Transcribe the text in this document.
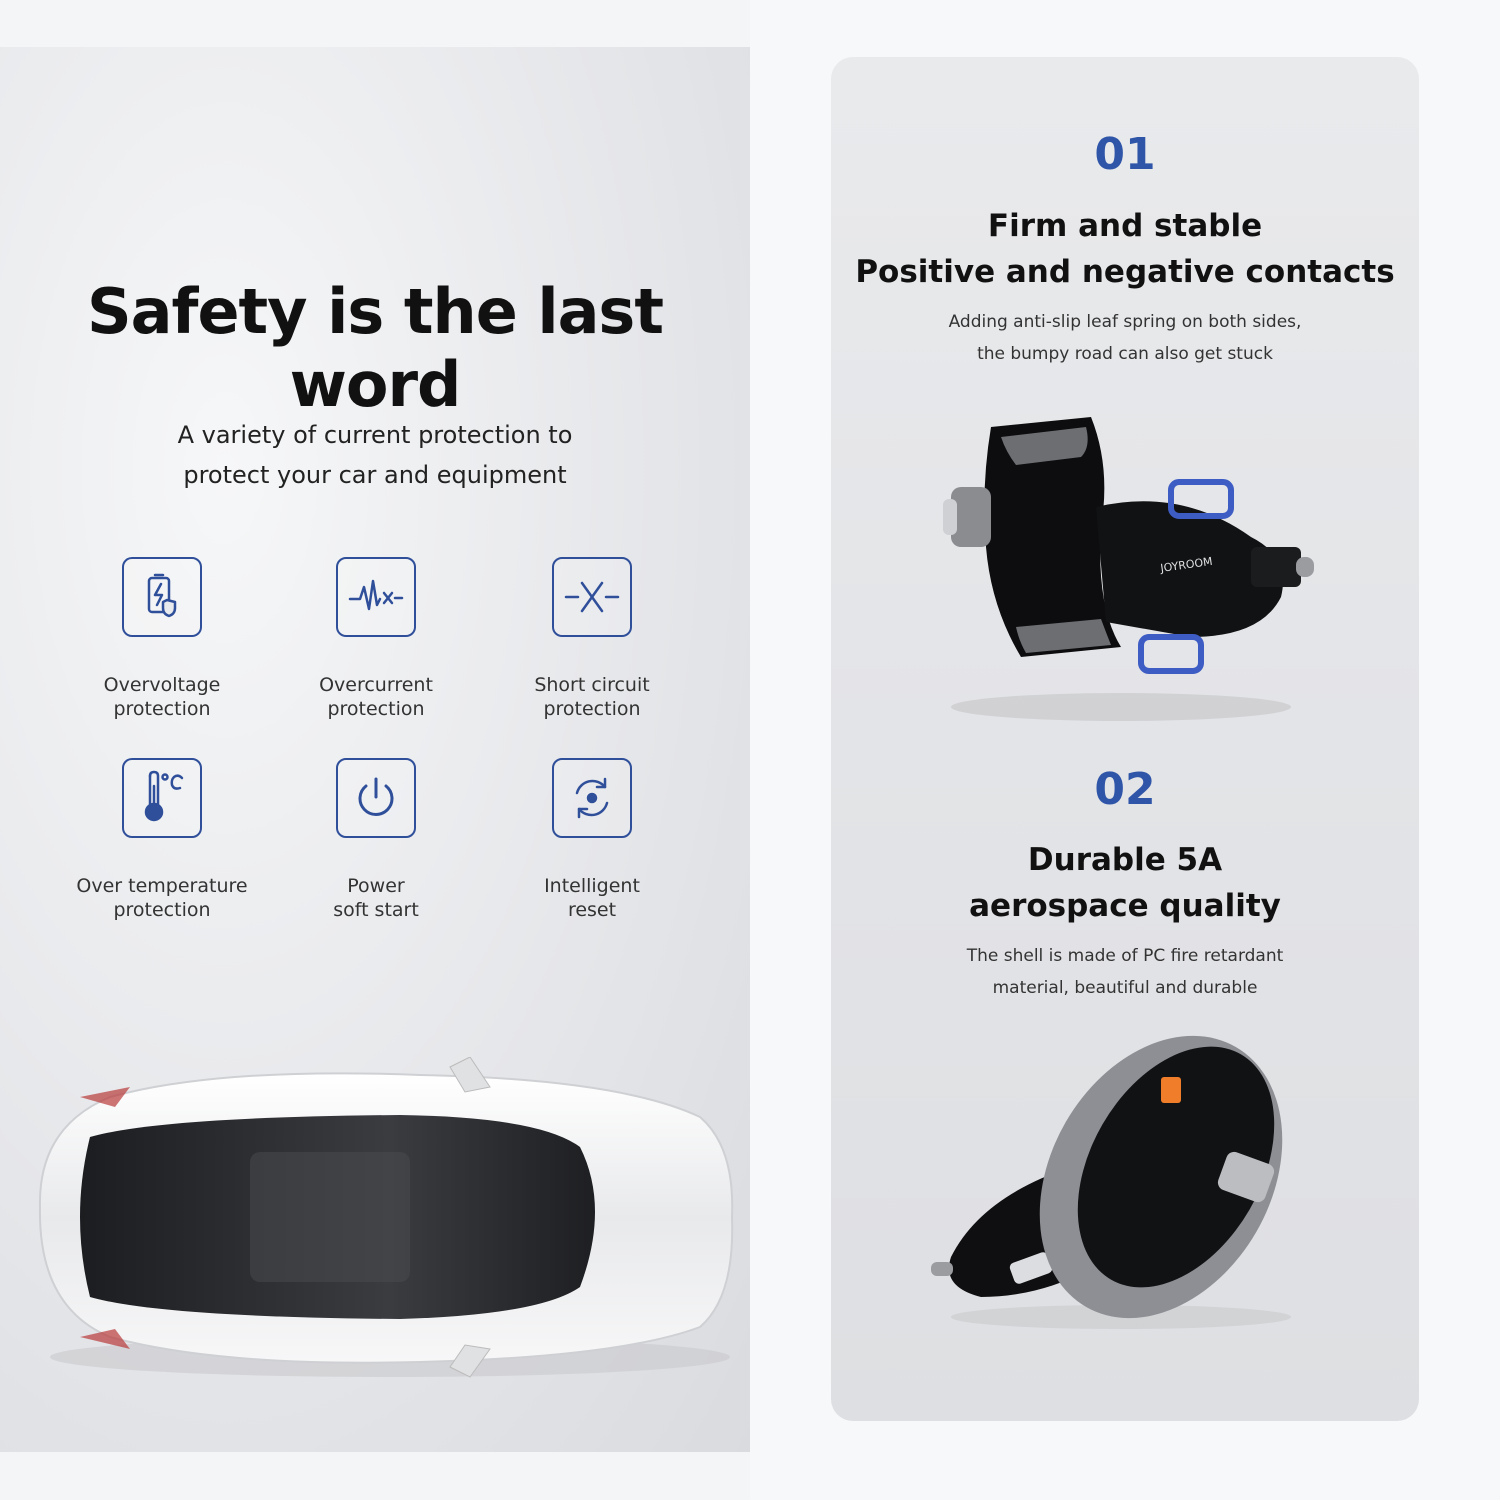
Safety is the last word
A variety of current protection to
protect your car and equipment
Overvoltage
protection
Overcurrent
protection
Short circuit
protection
Over temperature
protection
Power
soft start
Intelligent
reset
01
Firm and stable
Positive and negative contacts
Adding anti-slip leaf spring on both sides,
the bumpy road can also get stuck
JOYROOM
02
Durable 5A
aerospace quality
The shell is made of PC fire retardant
material, beautiful and durable
